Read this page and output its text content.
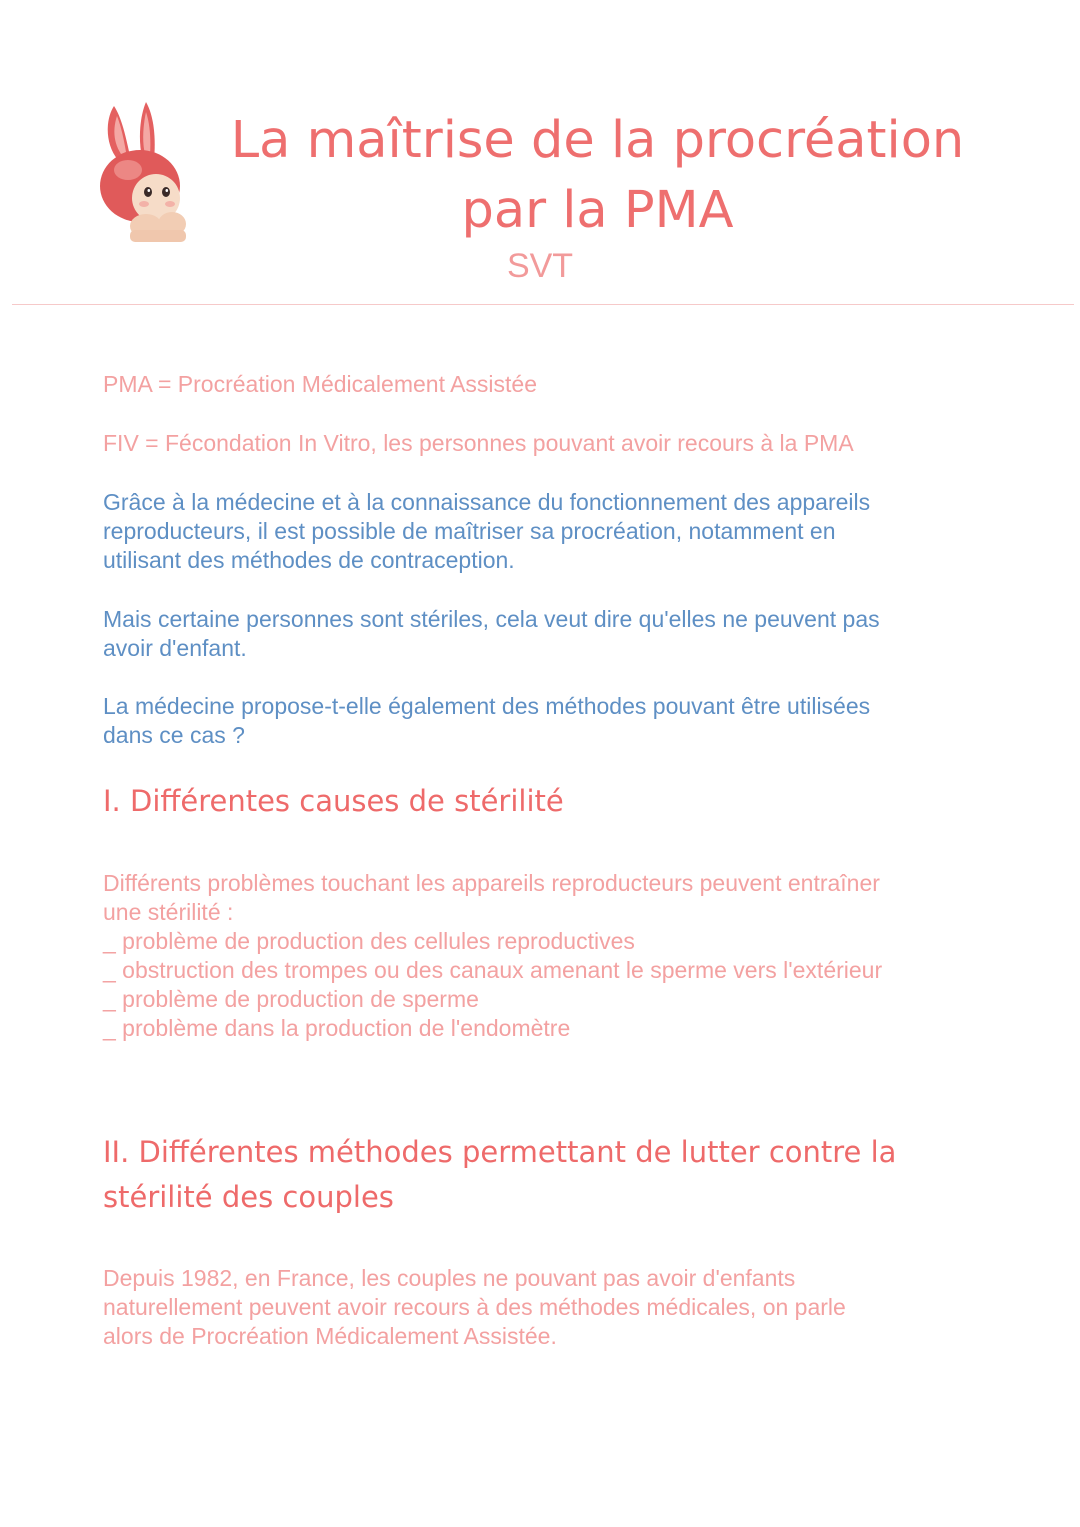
La maîtrise de la procréation
par la PMA
SVT

PMA = Procréation Médicalement Assistée

FIV = Fécondation In Vitro, les personnes pouvant avoir recours à la PMA

Grâce à la médecine et à la connaissance du fonctionnement des appareils
reproducteurs, il est possible de maîtriser sa procréation, notamment en
utilisant des méthodes de contraception.

Mais certaine personnes sont stériles, cela veut dire qu'elles ne peuvent pas
avoir d'enfant.

La médecine propose-t-elle également des méthodes pouvant être utilisées
dans ce cas ?

I. Différentes causes de stérilité

Différents problèmes touchant les appareils reproducteurs peuvent entraîner
une stérilité :
_ problème de production des cellules reproductives
_ obstruction des trompes ou des canaux amenant le sperme vers l'extérieur
_ problème de production de sperme
_ problème dans la production de l'endomètre

II. Différentes méthodes permettant de lutter contre la
stérilité des couples

Depuis 1982, en France, les couples ne pouvant pas avoir d'enfants
naturellement peuvent avoir recours à des méthodes médicales, on parle
alors de Procréation Médicalement Assistée.
